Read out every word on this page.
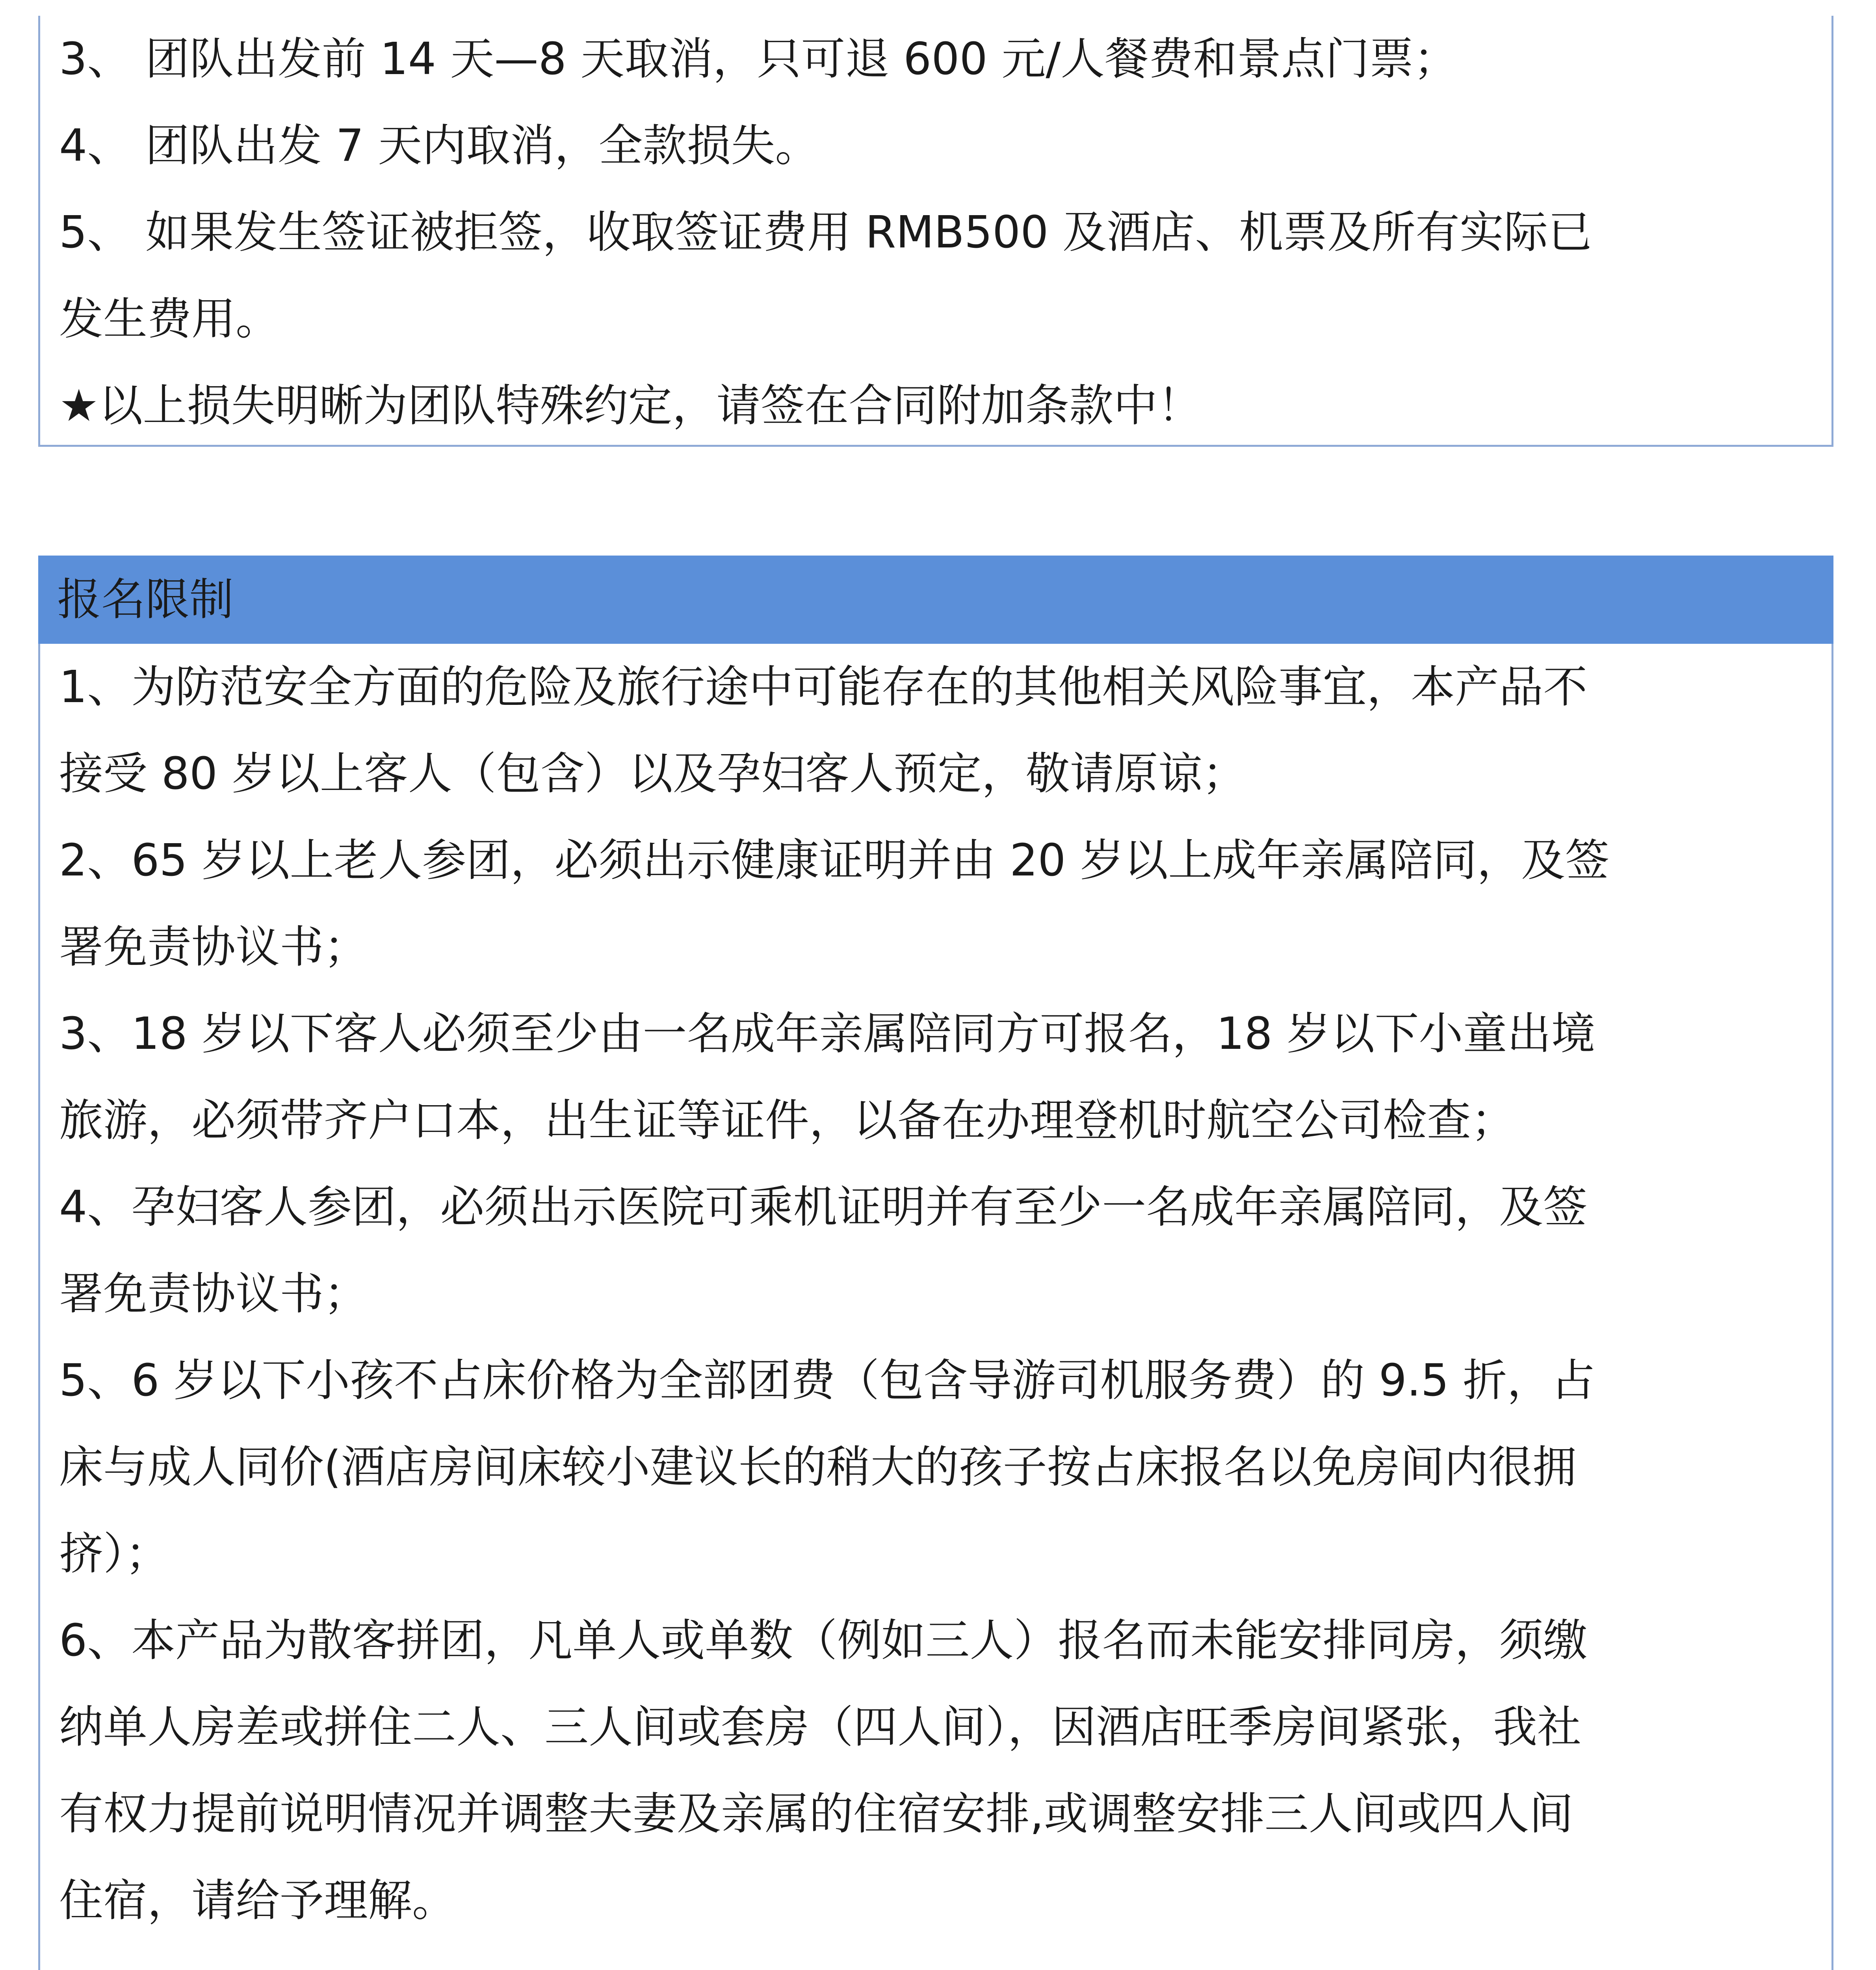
3、 团队出发前 14 天—8 天取消，只可退 600 元/人餐费和景点门票；
4、 团队出发 7 天内取消，全款损失。
5、 如果发生签证被拒签，收取签证费用 RMB500 及酒店、机票及所有实际已
发生费用。
★以上损失明晰为团队特殊约定，请签在合同附加条款中！
报名限制
1、为防范安全方面的危险及旅行途中可能存在的其他相关风险事宜，本产品不
接受 80 岁以上客人（包含）以及孕妇客人预定，敬请原谅；
2、65 岁以上老人参团，必须出示健康证明并由 20 岁以上成年亲属陪同，及签
署免责协议书；
3、18 岁以下客人必须至少由一名成年亲属陪同方可报名，18 岁以下小童出境
旅游，必须带齐户口本，出生证等证件，以备在办理登机时航空公司检查；
4、孕妇客人参团，必须出示医院可乘机证明并有至少一名成年亲属陪同，及签
署免责协议书；
5、6 岁以下小孩不占床价格为全部团费（包含导游司机服务费）的 9.5 折，占
床与成人同价(酒店房间床较小建议长的稍大的孩子按占床报名以免房间内很拥
挤）；
6、本产品为散客拼团，凡单人或单数（例如三人）报名而未能安排同房，须缴
纳单人房差或拼住二人、三人间或套房（四人间），因酒店旺季房间紧张，我社
有权力提前说明情况并调整夫妻及亲属的住宿安排,或调整安排三人间或四人间
住宿，请给予理解。
